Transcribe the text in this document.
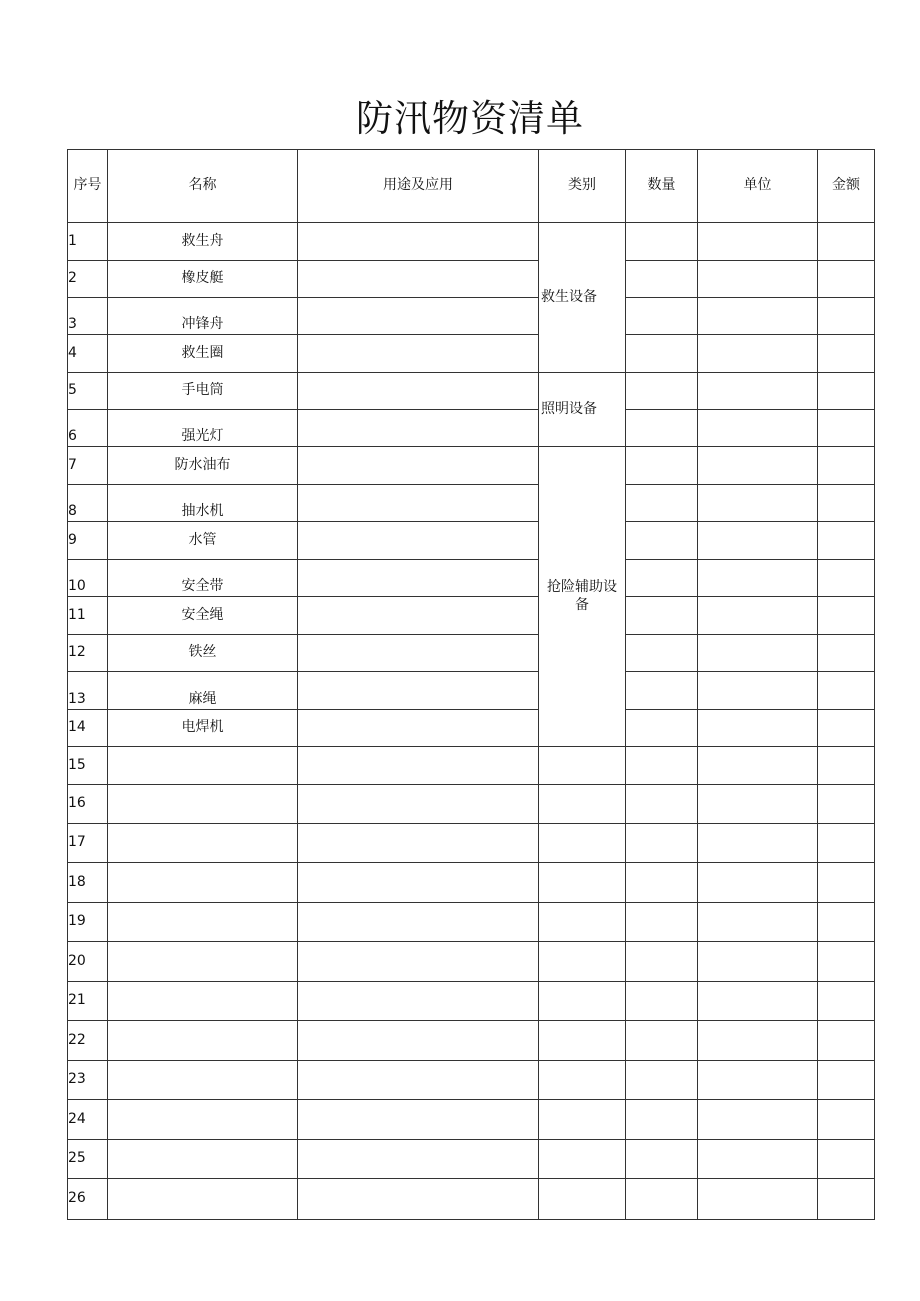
防汛物资清单
序号	名称	用途及应用	类别	数量	单位	金额
1	救生舟		救生设备			
2	橡皮艇					
3	冲锋舟					
4	救生圈					
5	手电筒		照明设备			
6	强光灯					
7	防水油布		抢险辅助设备			
8	抽水机					
9	水管					
10	安全带					
11	安全绳					
12	铁丝					
13	麻绳					
14	电焊机					
15						
16						
17						
18						
19						
20						
21						
22						
23						
24						
25						
26						
